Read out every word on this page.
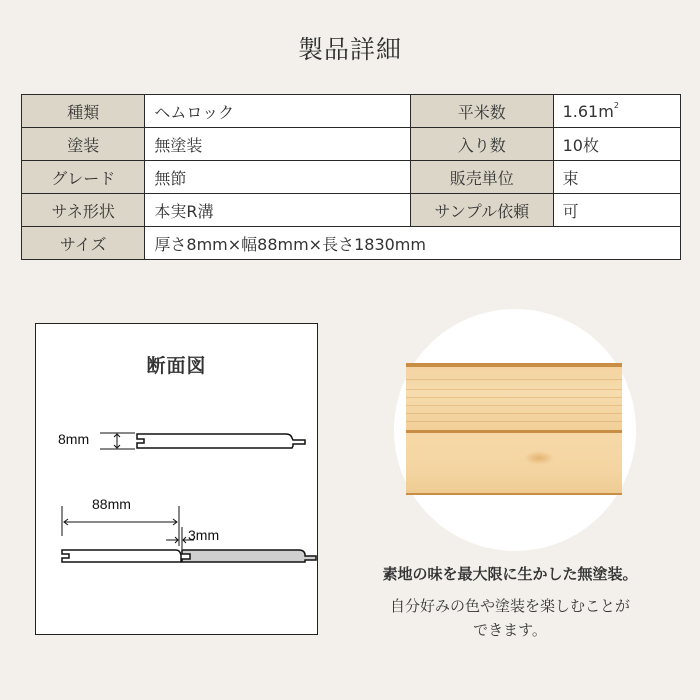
製品詳細
種類	ヘムロック	平米数	$1.61m^2$
塗装	無塗装	入り数	10枚
グレード	無節	販売単位	束
サネ形状	本実R溝	サンプル依頼	可
サイズ	厚さ8mm×幅88mm×長さ1830mm		
断面図
8mm
88mm
3mm
素地の味を最大限に生かした無塗装。
自分好みの色や塗装を楽しむことが
できます。
